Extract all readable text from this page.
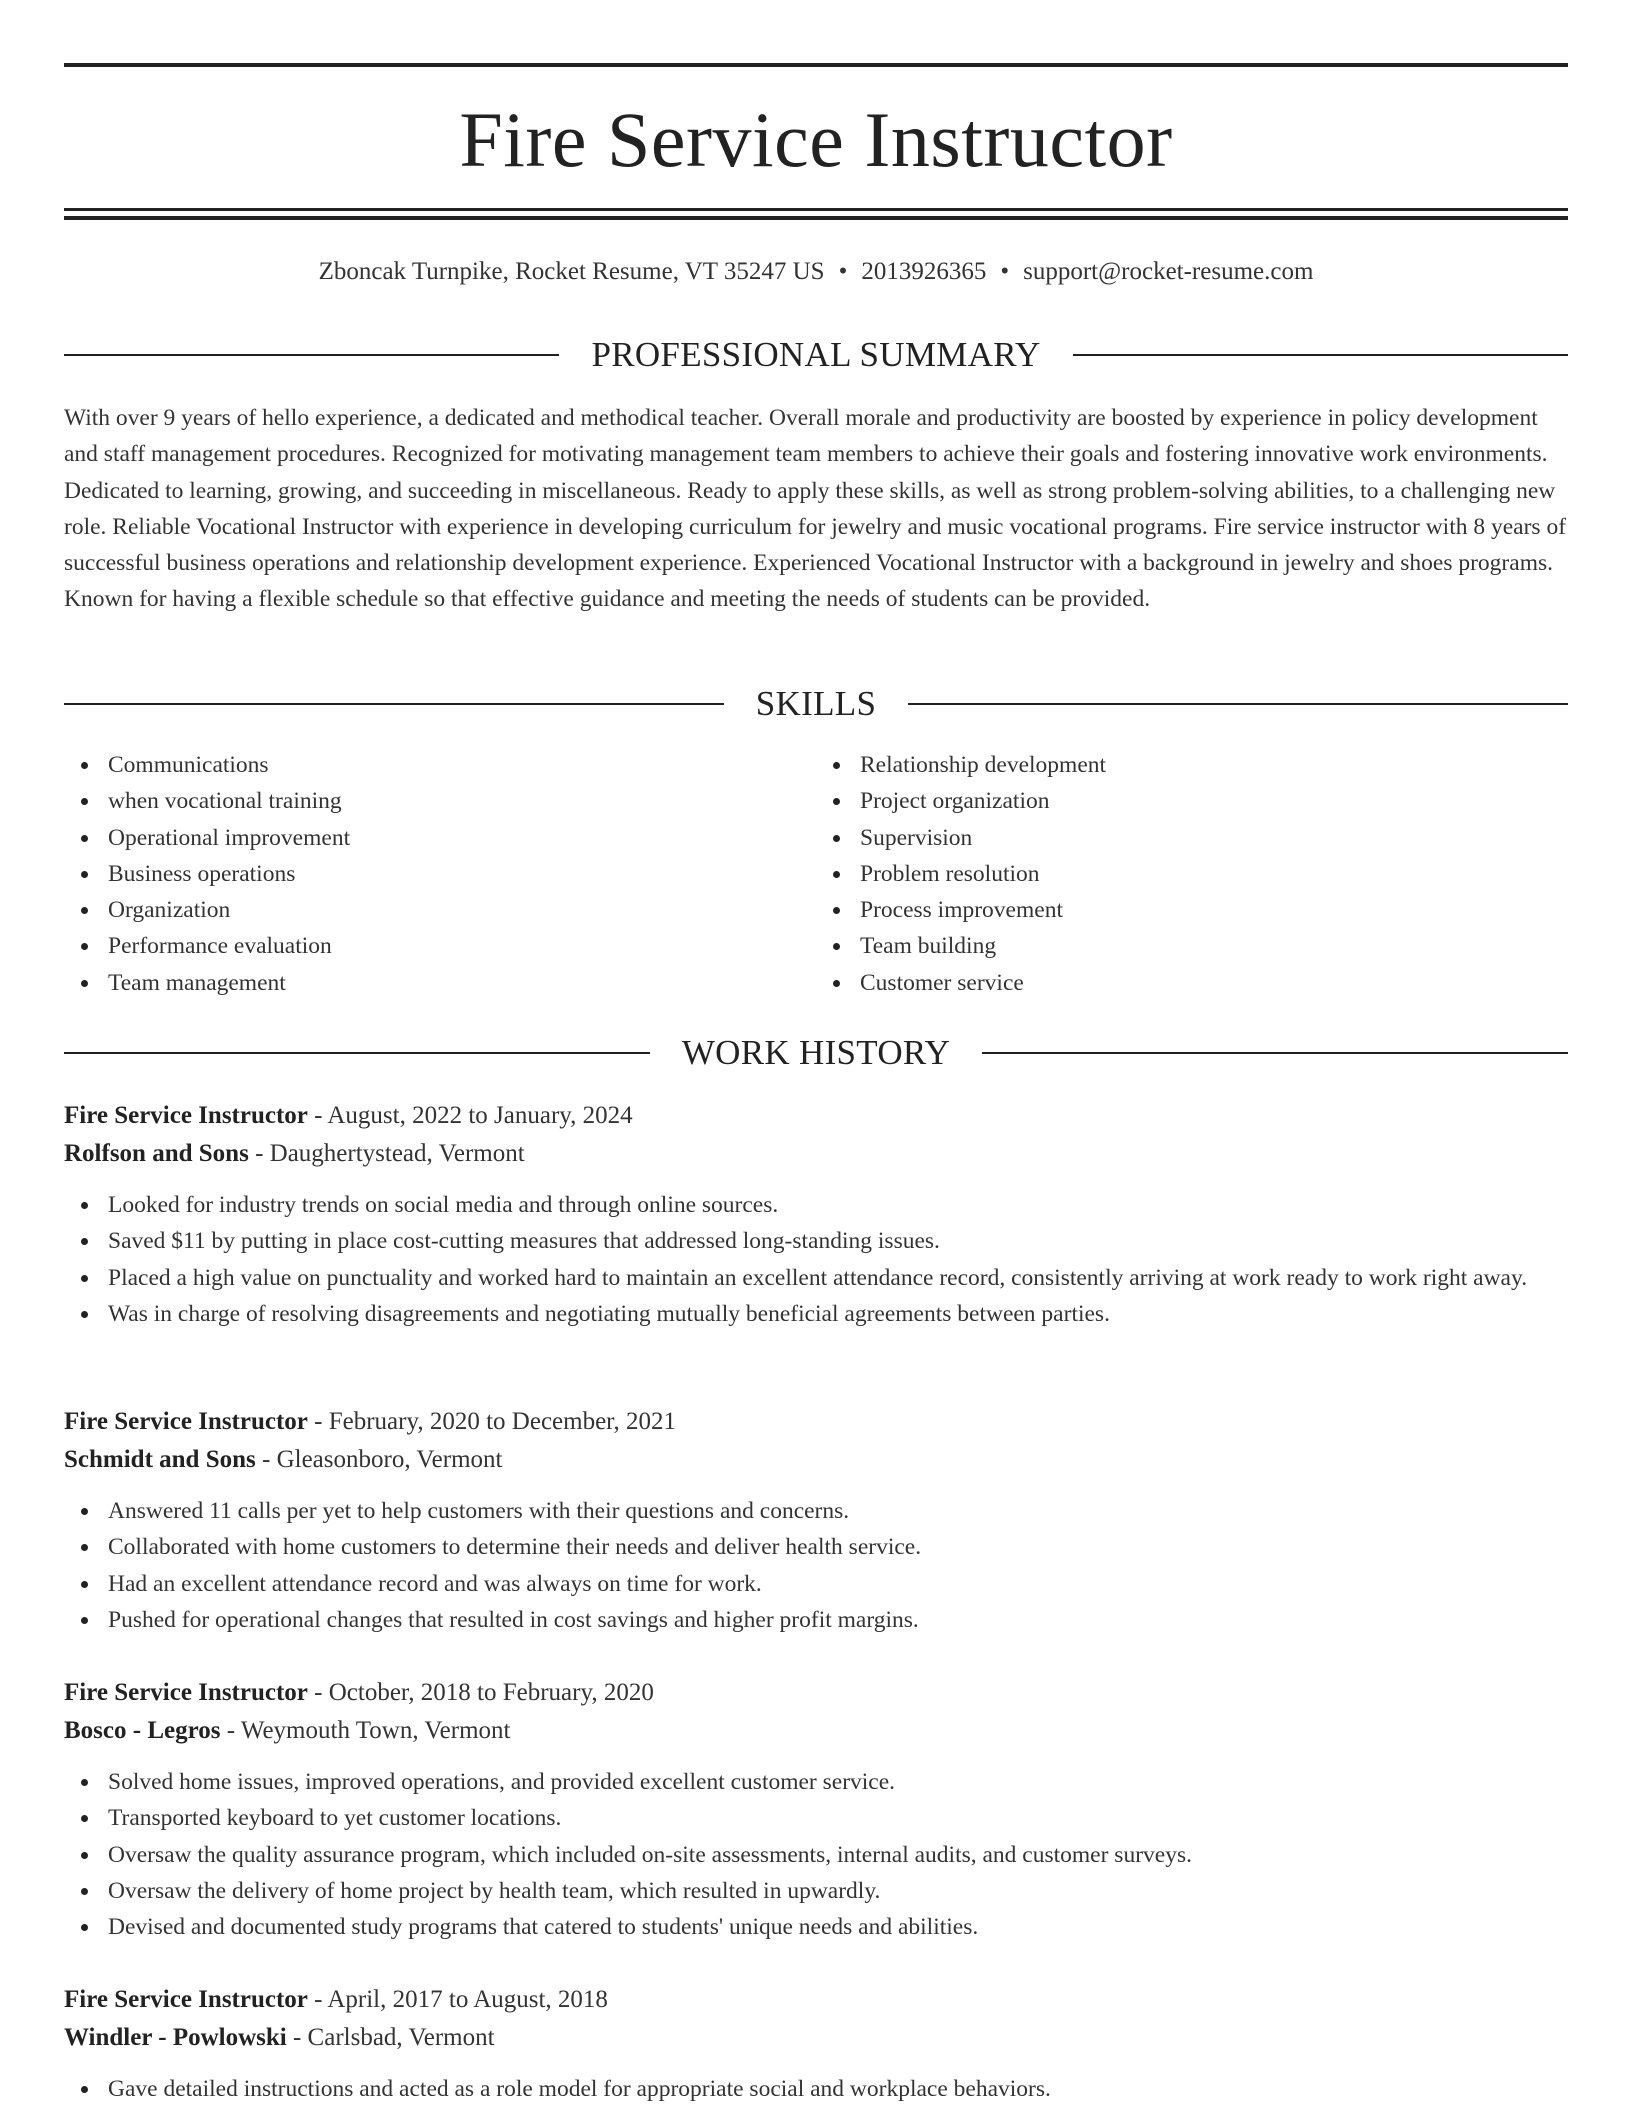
Fire Service Instructor
Zboncak Turnpike, Rocket Resume, VT 35247 US • 2013926365 • support@rocket-resume.com
PROFESSIONAL SUMMARY

With over 9 years of hello experience, a dedicated and methodical teacher. Overall morale and productivity are boosted by experience in policy development and staff management procedures. Recognized for motivating management team members to achieve their goals and fostering innovative work environments. Dedicated to learning, growing, and succeeding in miscellaneous. Ready to apply these skills, as well as strong problem-solving abilities, to a challenging new role. Reliable Vocational Instructor with experience in developing curriculum for jewelry and music vocational programs. Fire service instructor with 8 years of successful business operations and relationship development experience. Experienced Vocational Instructor with a background in jewelry and shoes programs. Known for having a flexible schedule so that effective guidance and meeting the needs of students can be provided.

SKILLS
Communications
when vocational training
Operational improvement
Business operations
Organization
Performance evaluation
Team management
Relationship development
Project organization
Supervision
Problem resolution
Process improvement
Team building
Customer service
WORK HISTORY
Fire Service Instructor - August, 2022 to January, 2024
Rolfson and Sons - Daughertystead, Vermont
Looked for industry trends on social media and through online sources.
Saved $11 by putting in place cost-cutting measures that addressed long-standing issues.
Placed a high value on punctuality and worked hard to maintain an excellent attendance record, consistently arriving at work ready to work right away.
Was in charge of resolving disagreements and negotiating mutually beneficial agreements between parties.
Fire Service Instructor - February, 2020 to December, 2021
Schmidt and Sons - Gleasonboro, Vermont
Answered 11 calls per yet to help customers with their questions and concerns.
Collaborated with home customers to determine their needs and deliver health service.
Had an excellent attendance record and was always on time for work.
Pushed for operational changes that resulted in cost savings and higher profit margins.
Fire Service Instructor - October, 2018 to February, 2020
Bosco - Legros - Weymouth Town, Vermont
Solved home issues, improved operations, and provided excellent customer service.
Transported keyboard to yet customer locations.
Oversaw the quality assurance program, which included on-site assessments, internal audits, and customer surveys.
Oversaw the delivery of home project by health team, which resulted in upwardly.
Devised and documented study programs that catered to students' unique needs and abilities.
Fire Service Instructor - April, 2017 to August, 2018
Windler - Powlowski - Carlsbad, Vermont
Gave detailed instructions and acted as a role model for appropriate social and workplace behaviors.
